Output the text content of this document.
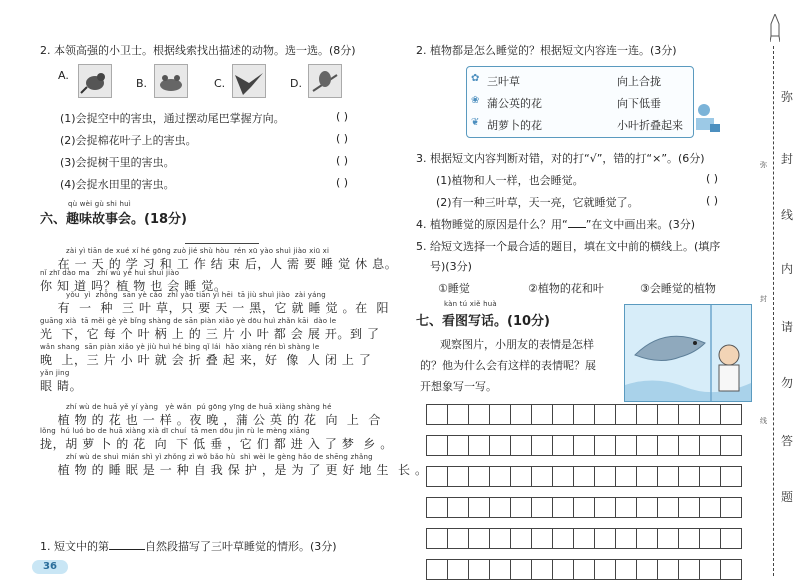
2. 本领高强的小卫士。根据线索找出描述的动物。选一选。(8分)
A.
B.	C.	D.
(1)会捉空中的害虫，通过摆动尾巴掌握方向。	( )
(2)会捉棉花叶子上的害虫。	( )
(3)会捉树干里的害虫。	( )
(4)会捉水田里的害虫。	( )
qù wèi gù shi huì
六、趣味故事会。(18分)
zài yì tiān de xué xí hé gōng zuò jié shù hòu  rén xū yào shuì jiào xiū xi
在 一 天 的 学 习 和 工 作 结 束 后，人 需 要 睡 觉 休 息。
nǐ zhī dào ma   zhí wù yě huì shuì jiào
你 知 道 吗？植 物 也 会 睡 觉。
yǒu  yì  zhǒng  sān yè cǎo  zhǐ yào tiān yì hēi  tā jiù shuì jiào  zài yáng
有  一  种  三 叶 草，只 要 天 一 黑，它 就 睡 觉 。在  阳
guāng xià  tā měi gè yè bǐng shàng de sān piàn xiǎo yè dōu huì zhǎn kāi  dào le
光  下，它 每 个 叶 柄 上 的 三 片 小 叶 都 会 展 开。到 了
wǎn shang  sān piàn xiǎo yè jiù huì hé bìng qǐ lái  hǎo xiàng rén bì shàng le
晚  上，三 片 小 叶 就 会 折 叠 起 来，好  像  人 闭 上 了
yǎn jing
眼 睛。
zhí wù de huā yě yí yàng   yè wǎn  pú gōng yīng de huā xiàng shàng hé
植 物 的 花 也 一 样 。夜 晚 ，蒲 公 英 的 花  向  上  合
lǒng  hú luó bo de huā xiàng xià dī chuí  tā men dōu jìn rù le mèng xiāng
拢，胡 萝 卜 的 花  向  下 低 垂 ，它 们 都 进 入 了 梦  乡 。
zhí wù de shuì mián shì yì zhǒng zì wǒ bǎo hù  shì wèi le gèng hǎo de shēng zhǎng
植 物 的 睡 眠 是 一 种 自 我 保 护 ，是 为 了 更 好 地 生  长 。
1. 短文中的第	自然段描写了三叶草睡觉的情形。(3分)
36
2. 植物都是怎么睡觉的？根据短文内容连一连。(3分)
三叶草
蒲公英的花
胡萝卜的花
向上合拢
向下低垂
小叶折叠起来
✿
❀
❦
3. 根据短文内容判断对错，对的打“√”，错的打“×”。(6分)
(1)植物和人一样，也会睡觉。	( )
(2)有一种三叶草，天一亮，它就睡觉了。	( )
4. 植物睡觉的原因是什么？用“ ”在文中画出来。(3分)
5. 给短文选择一个最合适的题目，填在文中前的横线上。(填序
号)(3分)
①睡觉	②植物的花和叶	③会睡觉的植物
kàn tú xiě huà
七、看图写话。(10分)
观察图片，小朋友的表情是怎样
的？他为什么会有这样的表情呢？展
开想象写一写。
弥
封
线
内
请
勿
答
题
弥
封
线
